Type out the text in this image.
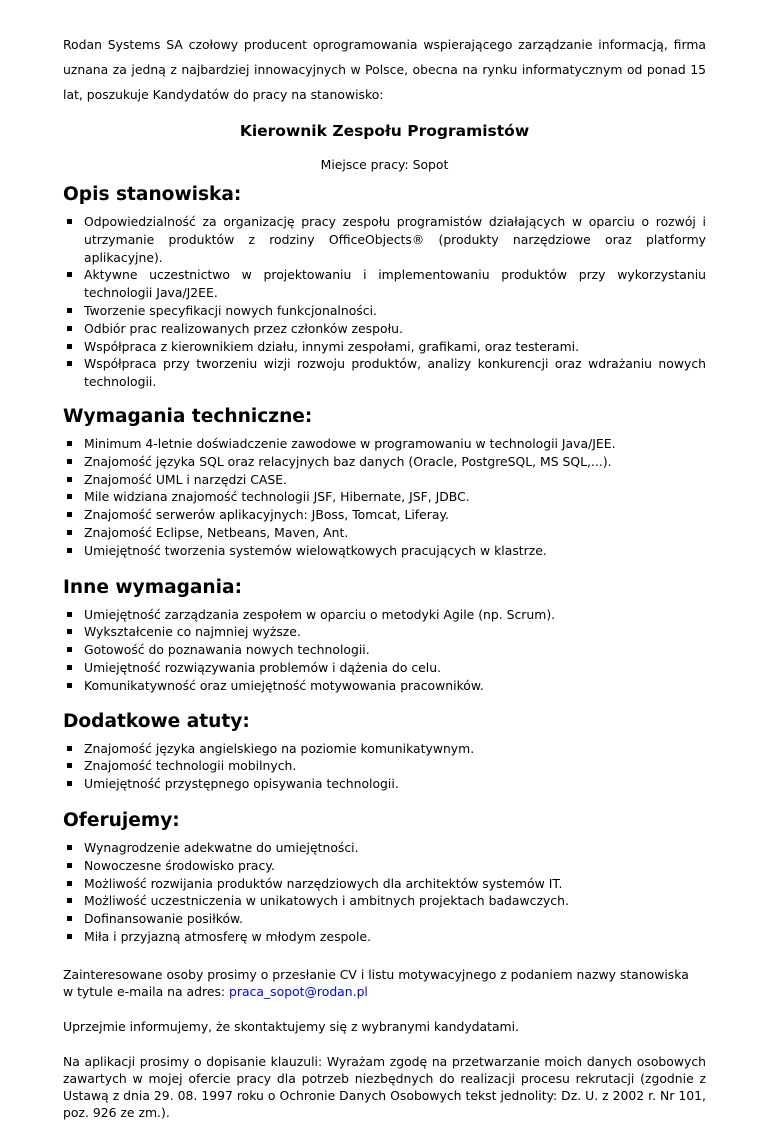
Rodan Systems SA czołowy producent oprogramowania wspierającego zarządzanie informacją, firma uznana za jedną z najbardziej innowacyjnych w Polsce, obecna na rynku informatycznym od ponad 15 lat, poszukuje Kandydatów do pracy na stanowisko:

Kierownik Zespołu Programistów

Miejsce pracy: Sopot

Opis stanowiska:
Odpowiedzialność za organizację pracy zespołu programistów działających w oparciu o rozwój i utrzymanie produktów z rodziny OfficeObjects® (produkty narzędziowe oraz platformy aplikacyjne).
Aktywne uczestnictwo w projektowaniu i implementowaniu produktów przy wykorzystaniu technologii Java/J2EE.
Tworzenie specyfikacji nowych funkcjonalności.
Odbiór prac realizowanych przez członków zespołu.
Współpraca z kierownikiem działu, innymi zespołami, grafikami, oraz testerami.
Współpraca przy tworzeniu wizji rozwoju produktów, analizy konkurencji oraz wdrażaniu nowych technologii.
Wymagania techniczne:
Minimum 4-letnie doświadczenie zawodowe w programowaniu w technologii Java/JEE.
Znajomość języka SQL oraz relacyjnych baz danych (Oracle, PostgreSQL, MS SQL,...).
Znajomość UML i narzędzi CASE.
Mile widziana znajomość technologii JSF, Hibernate, JSF, JDBC.
Znajomość serwerów aplikacyjnych: JBoss, Tomcat, Liferay.
Znajomość Eclipse, Netbeans, Maven, Ant.
Umiejętność tworzenia systemów wielowątkowych pracujących w klastrze.
Inne wymagania:
Umiejętność zarządzania zespołem w oparciu o metodyki Agile (np. Scrum).
Wykształcenie co najmniej wyższe.
Gotowość do poznawania nowych technologii.
Umiejętność rozwiązywania problemów i dążenia do celu.
Komunikatywność oraz umiejętność motywowania pracowników.
Dodatkowe atuty:
Znajomość języka angielskiego na poziomie komunikatywnym.
Znajomość technologii mobilnych.
Umiejętność przystępnego opisywania technologii.
Oferujemy:
Wynagrodzenie adekwatne do umiejętności.
Nowoczesne środowisko pracy.
Możliwość rozwijania produktów narzędziowych dla architektów systemów IT.
Możliwość uczestniczenia w unikatowych i ambitnych projektach badawczych.
Dofinansowanie posiłków.
Miła i przyjazną atmosferę w młodym zespole.

Zainteresowane osoby prosimy o przesłanie CV i listu motywacyjnego z podaniem nazwy stanowiska
w tytule e-maila na adres: praca_sopot@rodan.pl

Uprzejmie informujemy, że skontaktujemy się z wybranymi kandydatami.

Na aplikacji prosimy o dopisanie klauzuli: Wyrażam zgodę na przetwarzanie moich danych osobowych zawartych w mojej ofercie pracy dla potrzeb niezbędnych do realizacji procesu rekrutacji (zgodnie z Ustawą z dnia 29. 08. 1997 roku o Ochronie Danych Osobowych tekst jednolity: Dz. U. z 2002 r. Nr 101, poz. 926 ze zm.).
